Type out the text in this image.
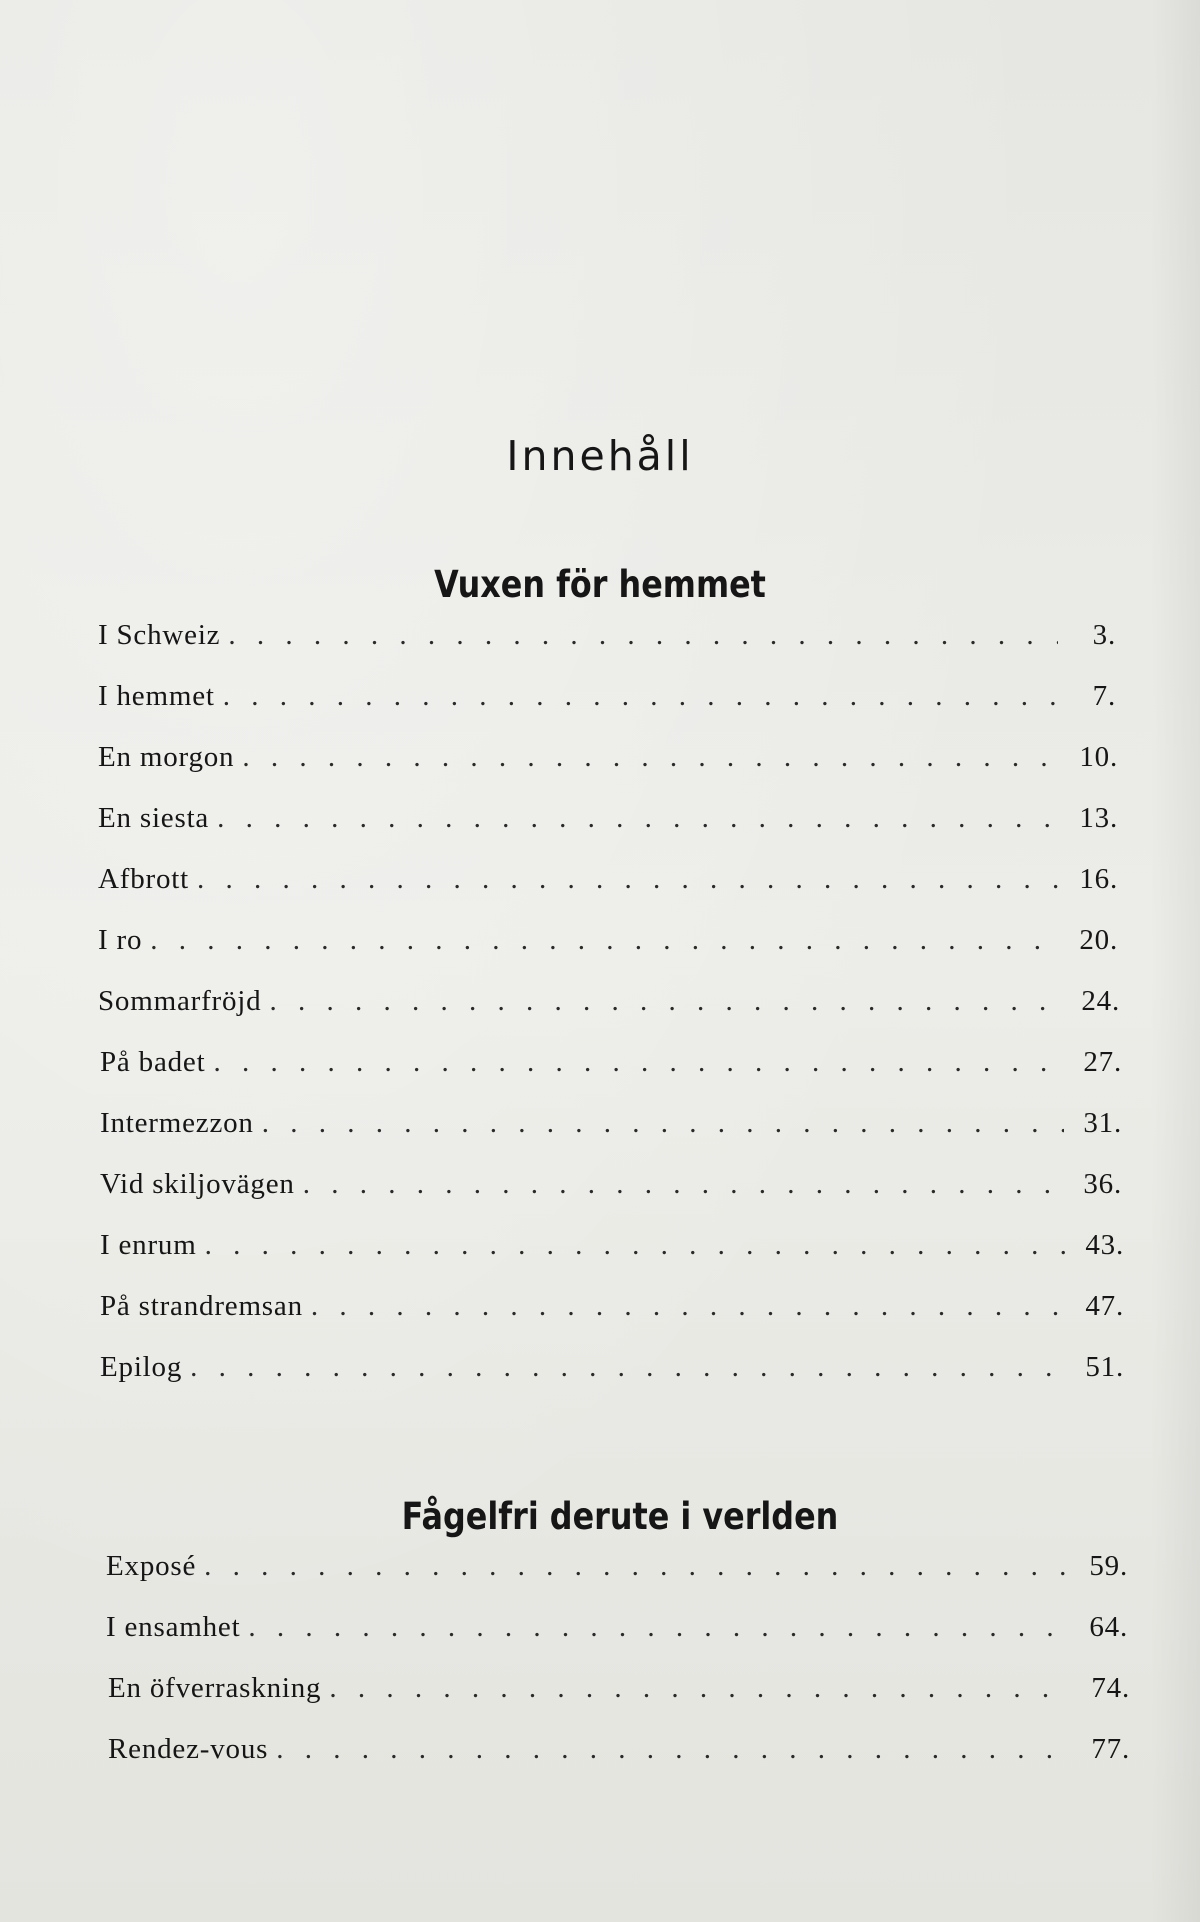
Innehåll
Vuxen för hemmet
Fågelfri derute i verlden
I Schweiz . . .	3.
I hemmet . . .	7.
En morgon . . .	10.
En siesta . . .	13.
Afbrott . . .	16.
I ro . . .	20.
Sommarfröjd . . .	24.
På badet . . .	27.
Intermezzon . . .	31.
Vid skiljovägen . . .	36.
I enrum . . .	43.
På strandremsan . . .	47.
Epilog . . .	51.
Exposé . . .	59.
I ensamhet . . .	64.
En öfverraskning . . .	74.
Rendez-vous . . .	77.
